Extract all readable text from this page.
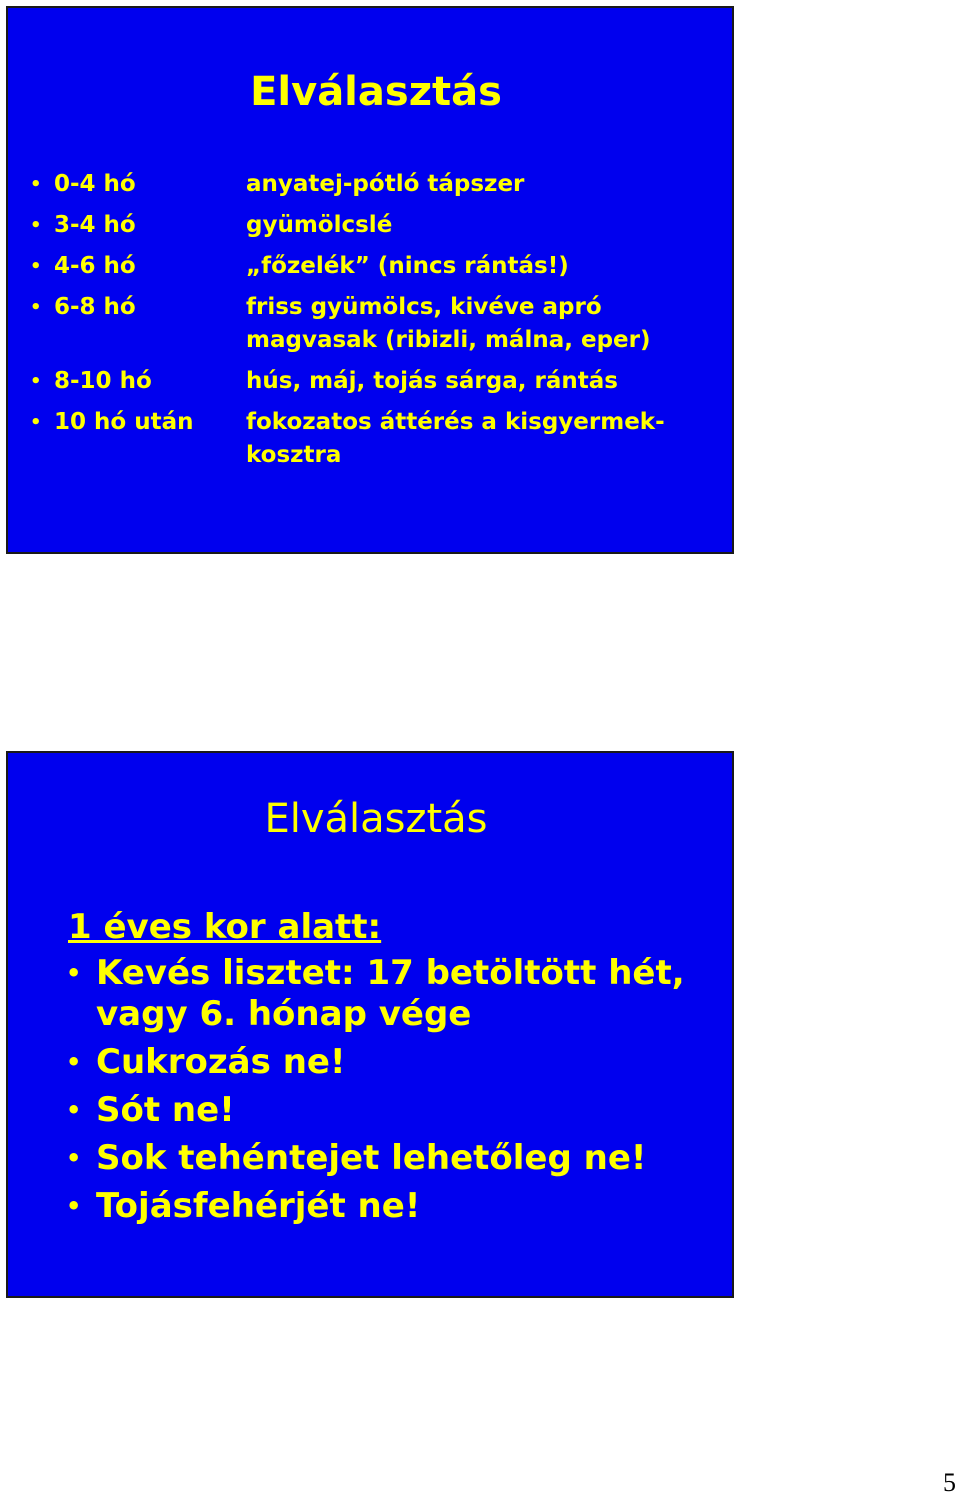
Elválasztás
• 0-4 hó	anyatej-pótló tápszer
• 3-4 hó	gyümölcslé
• 4-6 hó	„főzelék” (nincs rántás!)
• 6-8 hó	friss gyümölcs, kivéve apró magvasak (ribizli, málna, eper)
• 8-10 hó	hús, máj, tojás sárga, rántás
• 10 hó után	fokozatos áttérés a kisgyermek-kosztra
Elválasztás

1 éves kor alatt:

• Kevés lisztet: 17 betöltött hét, vagy 6. hónap vége
• Cukrozás ne!
• Sót ne!
• Sok tehéntejet lehetőleg ne!
• Tojásfehérjét ne!
5
